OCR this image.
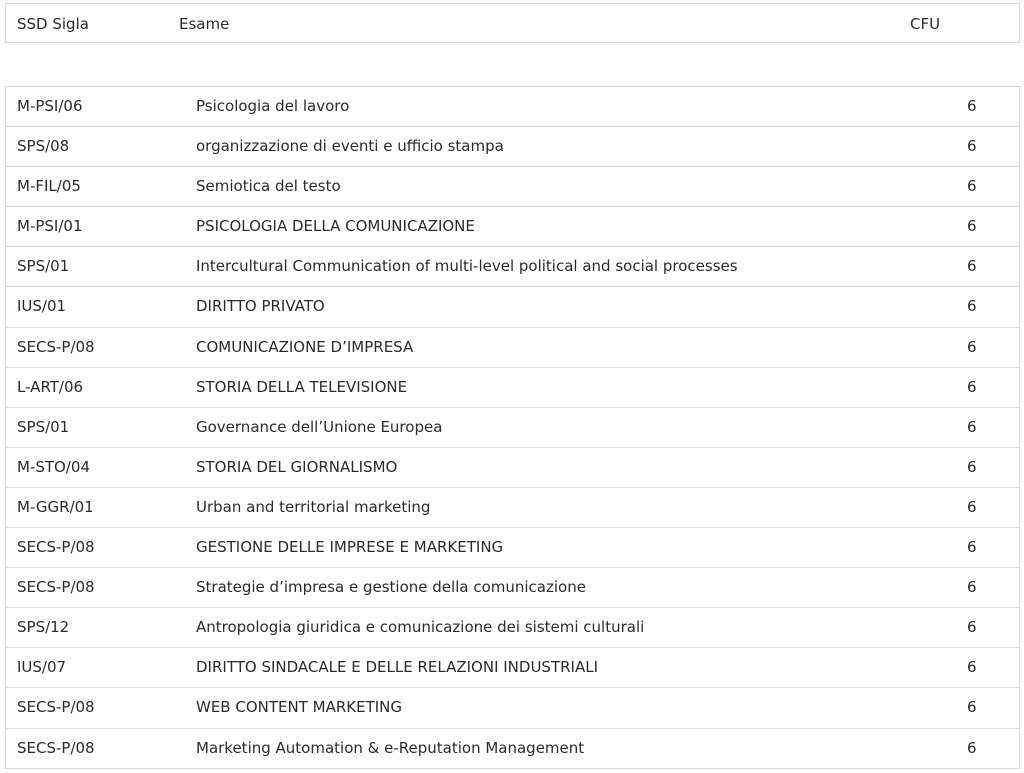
SSD Sigla	Esame	CFU
M-PSI/06	Psicologia del lavoro	6
SPS/08	organizzazione di eventi e ufficio stampa	6
M-FIL/05	Semiotica del testo	6
M-PSI/01	PSICOLOGIA DELLA COMUNICAZIONE	6
SPS/01	Intercultural Communication of multi-level political and social processes	6
IUS/01	DIRITTO PRIVATO	6
SECS-P/08	COMUNICAZIONE D’IMPRESA	6
L-ART/06	STORIA DELLA TELEVISIONE	6
SPS/01	Governance dell’Unione Europea	6
M-STO/04	STORIA DEL GIORNALISMO	6
M-GGR/01	Urban and territorial marketing	6
SECS-P/08	GESTIONE DELLE IMPRESE E MARKETING	6
SECS-P/08	Strategie d’impresa e gestione della comunicazione	6
SPS/12	Antropologia giuridica e comunicazione dei sistemi culturali	6
IUS/07	DIRITTO SINDACALE E DELLE RELAZIONI INDUSTRIALI	6
SECS-P/08	WEB CONTENT MARKETING	6
SECS-P/08	Marketing Automation & e-Reputation Management	6
